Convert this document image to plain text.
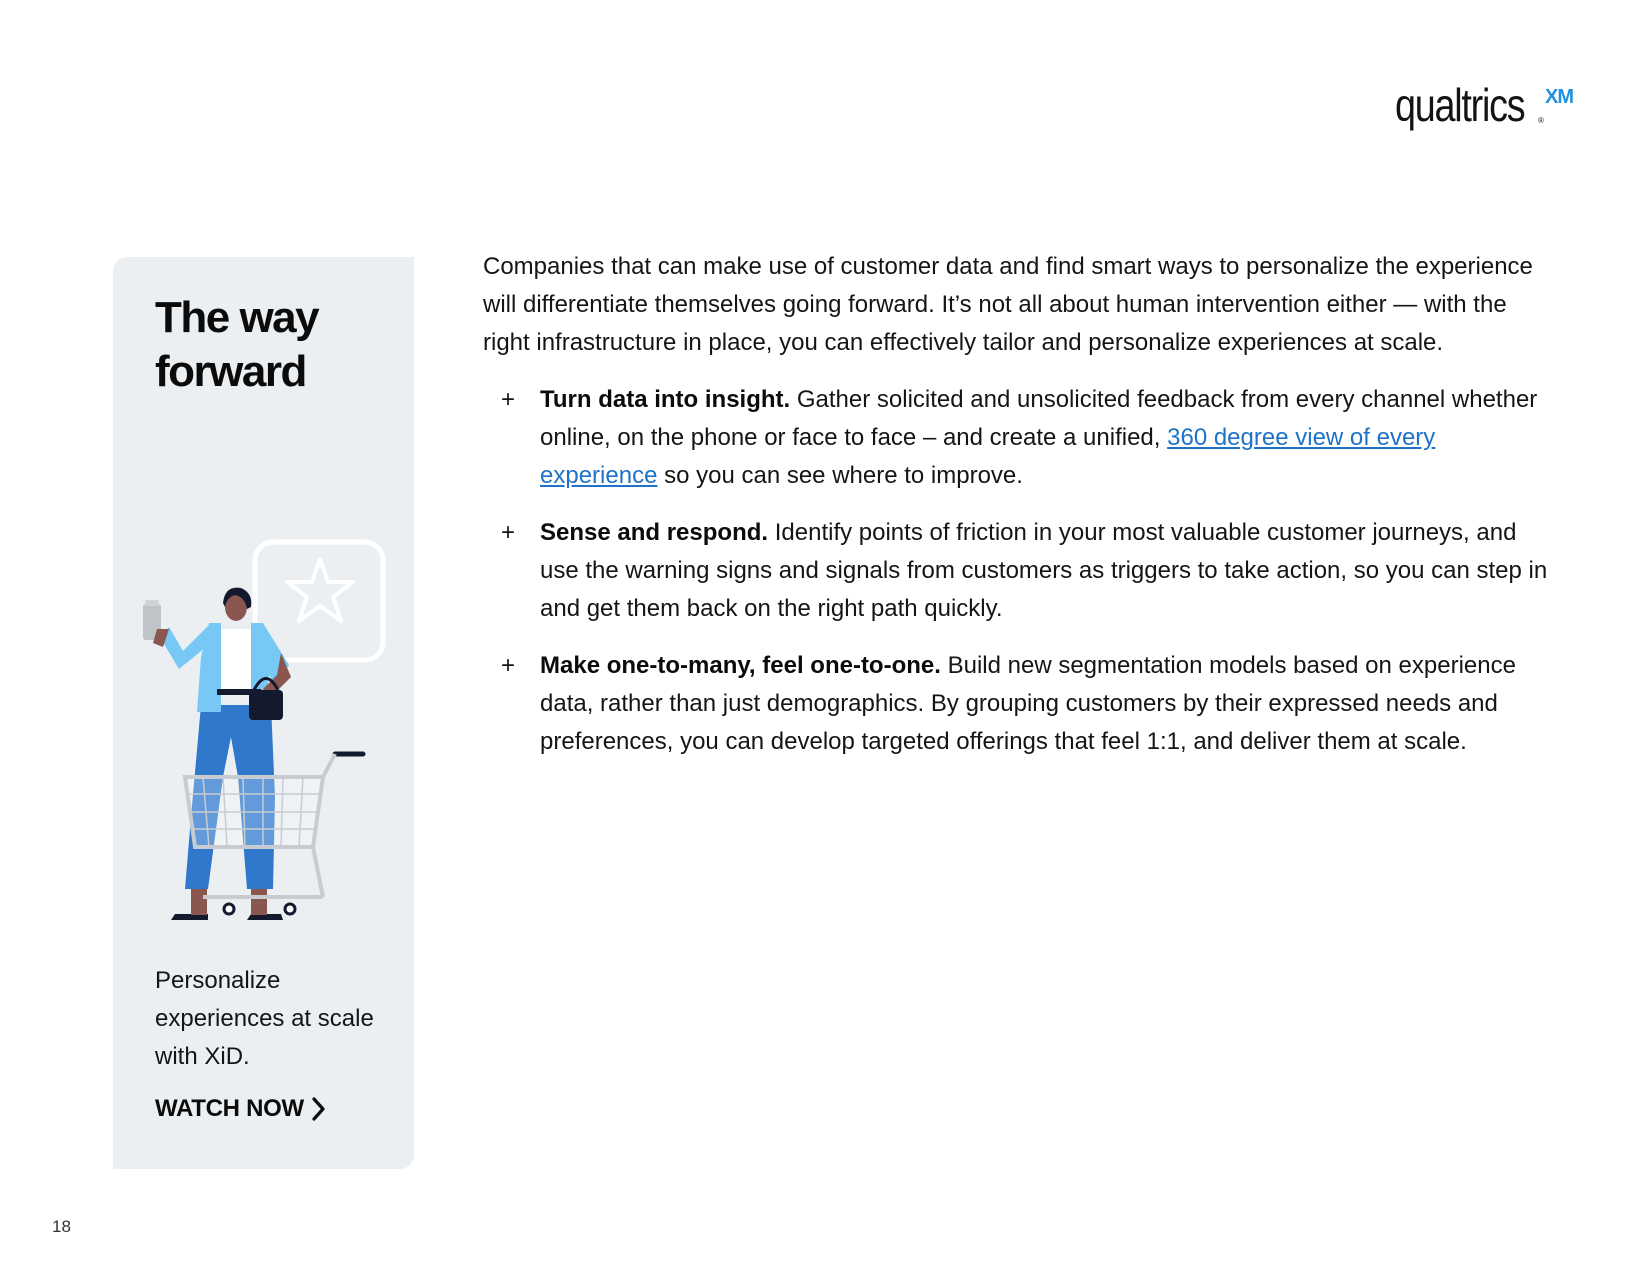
qualtrics ®
XM
The way forward
Personalize experiences at scale with XiD.
WATCH NOW

Companies that can make use of customer data and find smart ways to personalize the experience will differentiate themselves going forward. It’s not all about human intervention either — with the right infrastructure in place, you can effectively tailor and personalize experiences at scale.

+ Turn data into insight. Gather solicited and unsolicited feedback from every channel whether online, on the phone or face to face – and create a unified, 360 degree view of every experience so you can see where to improve.

+ Sense and respond. Identify points of friction in your most valuable customer journeys, and use the warning signs and signals from customers as triggers to take action, so you can step in and get them back on the right path quickly.

+ Make one-to-many, feel one-to-one. Build new segmentation models based on experience data, rather than just demographics. By grouping customers by their expressed needs and preferences, you can develop targeted offerings that feel 1:1, and deliver them at scale.

18
